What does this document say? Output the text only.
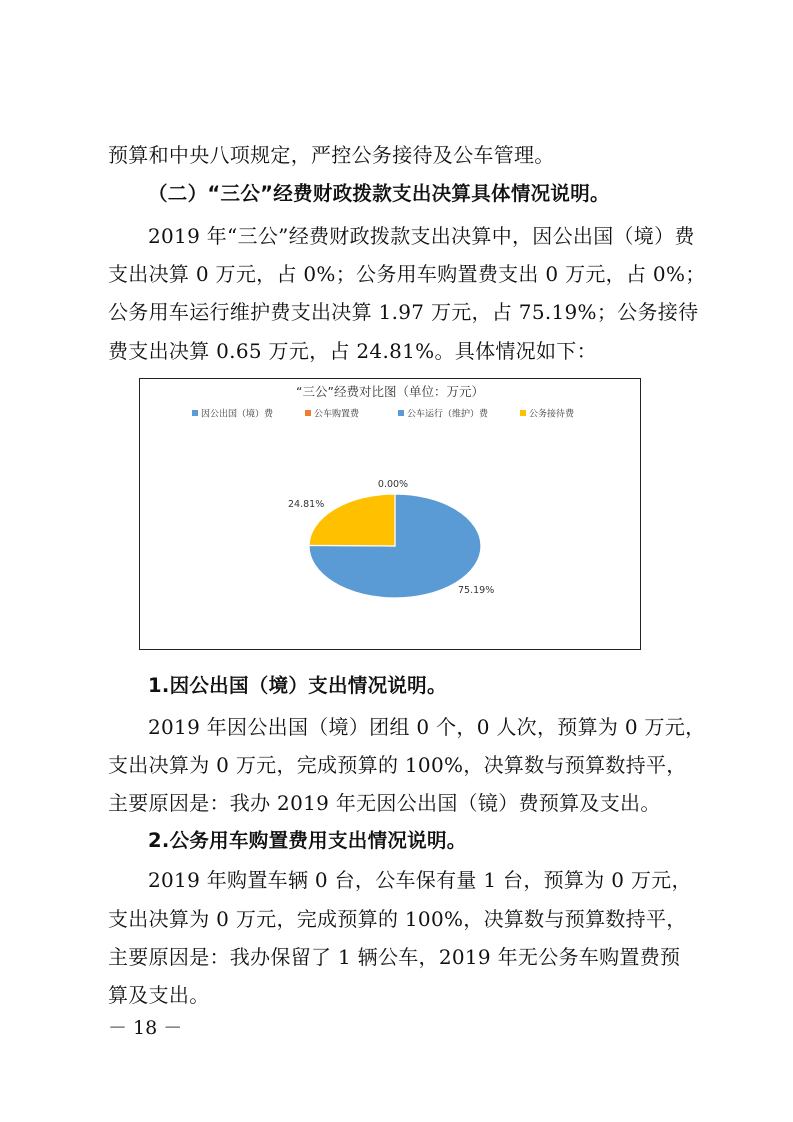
预算和中央八项规定，严控公务接待及公车管理。
（二）“三公”经费财政拨款支出决算具体情况说明。
2019 年“三公”经费财政拨款支出决算中，因公出国（境）费
支出决算 0 万元，占 0%；公务用车购置费支出 0 万元，占 0%；
公务用车运行维护费支出决算 1.97 万元，占 75.19%；公务接待
费支出决算 0.65 万元，占 24.81%。具体情况如下：
“三公”经费对比图（单位：万元）
因公出国（境）费	公车购置费	公车运行（维护）费	公务接待费
0.00%
75.19%
24.81%
1.因公出国（境）支出情况说明。
2019 年因公出国（境）团组 0 个，0 人次，预算为 0 万元，
支出决算为 0 万元，完成预算的 100%，决算数与预算数持平，
主要原因是：我办 2019 年无因公出国（镜）费预算及支出。
2.公务用车购置费用支出情况说明。
2019 年购置车辆 0 台，公车保有量 1 台，预算为 0 万元，
支出决算为 0 万元，完成预算的 100%，决算数与预算数持平，
主要原因是：我办保留了 1 辆公车，2019 年无公务车购置费预
算及支出。
－ 18 －
